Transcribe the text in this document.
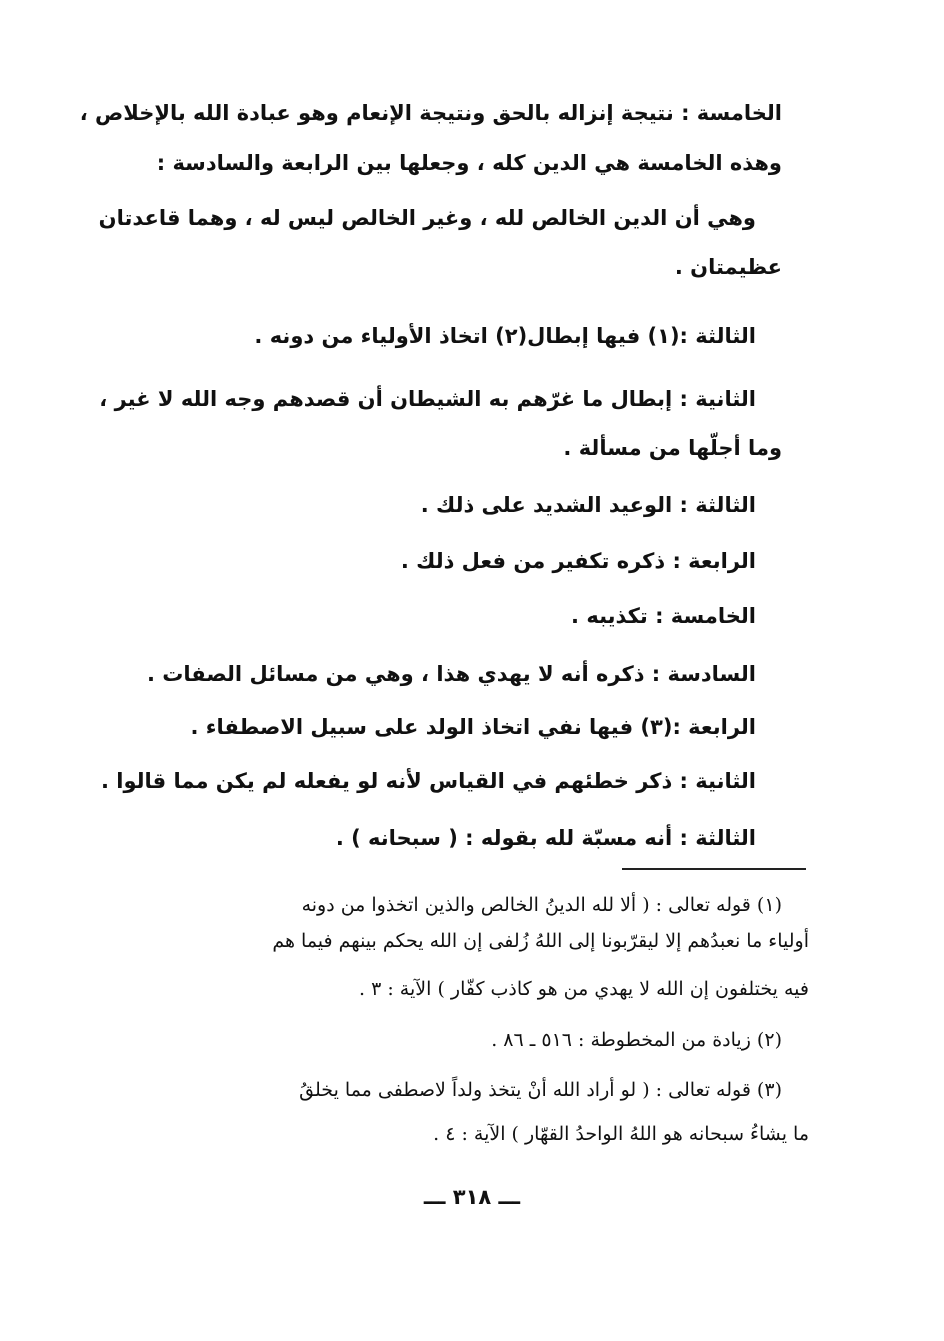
الخامسة : نتيجة إنزاله بالحق ونتيجة الإنعام وهو عبادة الله بالإخلاص ،
وهذه الخامسة هي الدين كله ، وجعلها بين الرابعة والسادسة :
وهي أن الدين الخالص لله ، وغير الخالص ليس له ، وهما قاعدتان
عظيمتان .
الثالثة :(١) فيها إبطال(٢) اتخاذ الأولياء من دونه .
الثانية : إبطال ما غرّهم به الشيطان أن قصدهم وجه الله لا غير ،
وما أجلّها من مسألة .
الثالثة : الوعيد الشديد على ذلك .
الرابعة : ذكره تكفير من فعل ذلك .
الخامسة : تكذيبه .
السادسة : ذكره أنه لا يهدي هذا ، وهي من مسائل الصفات .
الرابعة :(٣) فيها نفي اتخاذ الولد على سبيل الاصطفاء .
الثانية : ذكر خطئهم في القياس لأنه لو يفعله لم يكن مما قالوا .
الثالثة : أنه مسبّة لله بقوله : ( سبحانه ) .
(١) قوله تعالى : ( ألا لله الدينُ الخالص والذين اتخذوا من دونه
أولياء ما نعبدُهم إلا ليقرّبونا إلى اللهُ زُلفى إن الله يحكم بينهم فيما هم
فيه يختلفون إن الله لا يهدي من هو كاذب كفّار ) الآية : ٣ .
(٢) زيادة من المخطوطة : ٥١٦ ـ ٨٦ .
(٣) قوله تعالى : ( لو أراد الله أنْ يتخذ ولداً لاصطفى مما يخلقُ
ما يشاءُ سبحانه هو اللهُ الواحدُ القهّار ) الآية : ٤ .
ـــ ٣١٨ ـــ
